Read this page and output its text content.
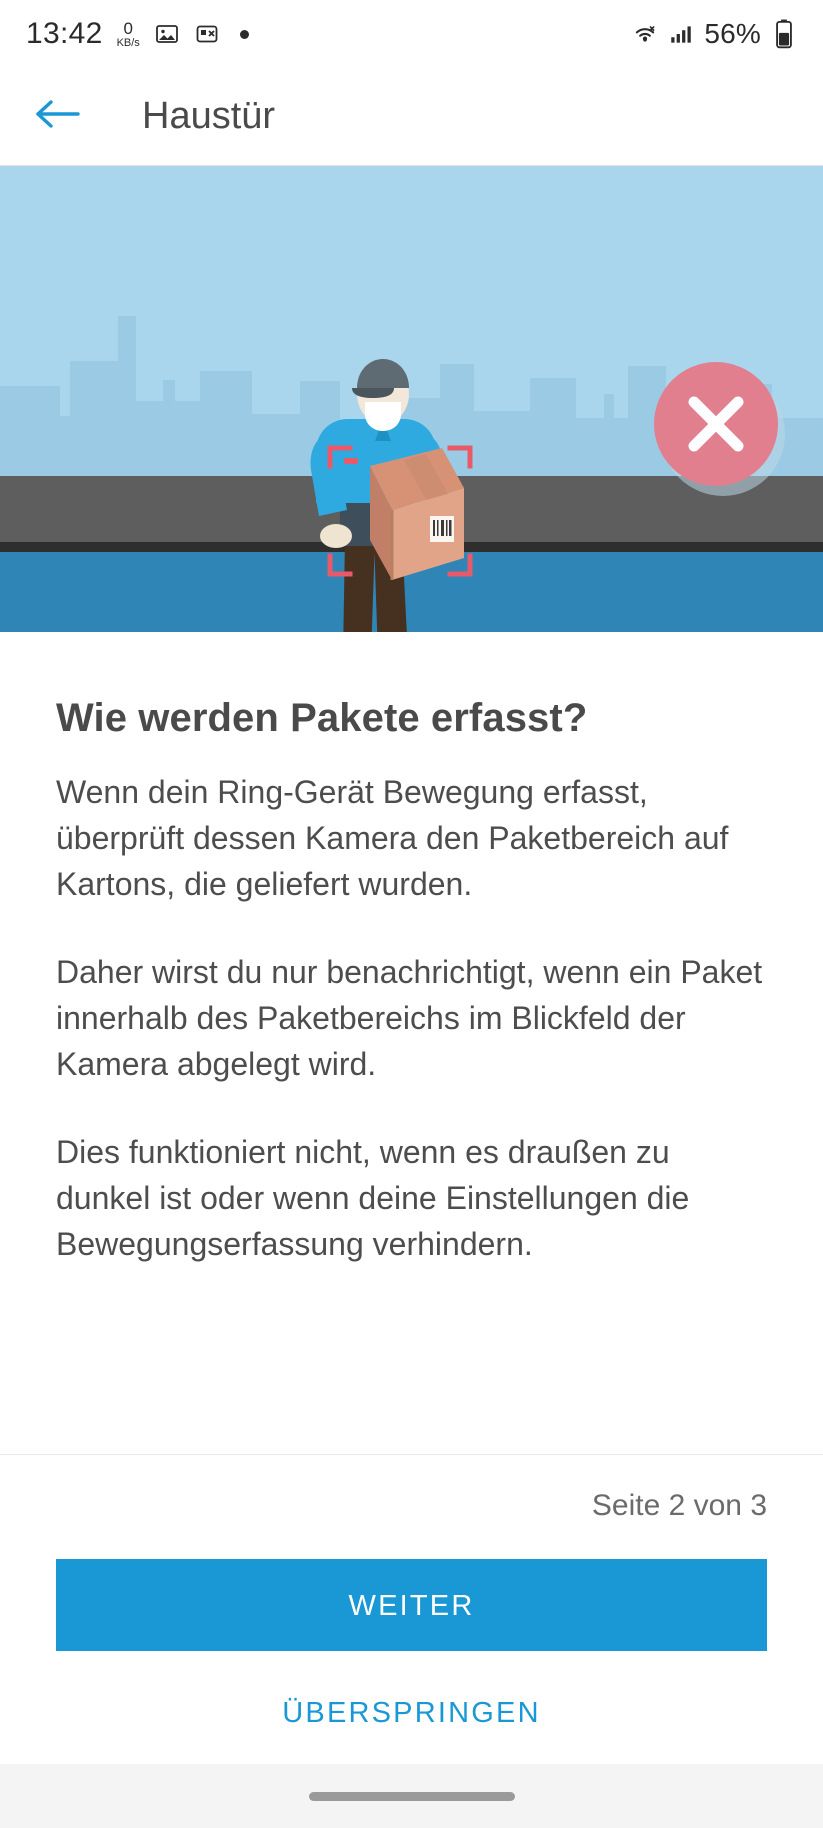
13:42 0
KB/s	56%
Haustür
Wie werden Pakete erfasst?

Wenn dein Ring-Gerät Bewegung erfasst, überprüft dessen Kamera den Paketbereich auf Kartons, die geliefert wurden.

Daher wirst du nur benachrichtigt, wenn ein Paket innerhalb des Paketbereichs im Blickfeld der Kamera abgelegt wird.

Dies funktioniert nicht, wenn es draußen zu dunkel ist oder wenn deine Einstellungen die Bewegungserfassung verhindern.

Seite 2 von 3
WEITER
ÜBERSPRINGEN
